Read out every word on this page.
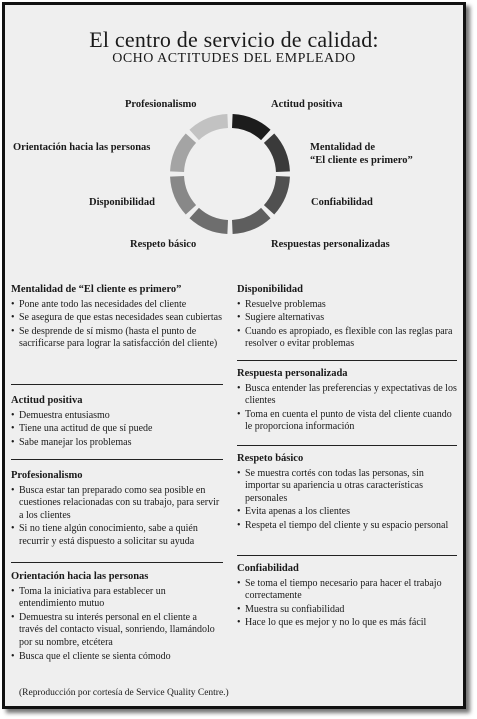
El centro de servicio de calidad:
OCHO ACTITUDES DEL EMPLEADO
Actitud positiva
Mentalidad de
“El cliente es primero”
Confiabilidad
Respuestas personalizadas
Respeto básico
Disponibilidad
Orientación hacia las personas
Profesionalismo
Mentalidad de “El cliente es primero”
• Pone ante todo las necesidades del cliente
• Se asegura de que estas necesidades sean cubiertas
• Se desprende de sí mismo (hasta el punto de sacrificarse para lograr la satisfacción del cliente)
Actitud positiva
• Demuestra entusiasmo
• Tiene una actitud de que sí puede
• Sabe manejar los problemas
Profesionalismo
• Busca estar tan preparado como sea posible en cuestiones relacionadas con su trabajo, para servir a los clientes
• Si no tiene algún conocimiento, sabe a quién recurrir y está dispuesto a solicitar su ayuda
Orientación hacia las personas
• Toma la iniciativa para establecer un entendimiento mutuo
• Demuestra su interés personal en el cliente a través del contacto visual, sonriendo, llamándolo por su nombre, etcétera
• Busca que el cliente se sienta cómodo
Disponibilidad
• Resuelve problemas
• Sugiere alternativas
• Cuando es apropiado, es flexible con las reglas para resolver o evitar problemas
Respuesta personalizada
• Busca entender las preferencias y expectativas de los clientes
• Toma en cuenta el punto de vista del cliente cuando le proporciona información
Respeto básico
• Se muestra cortés con todas las personas, sin importar su apariencia u otras características personales
• Evita apenas a los clientes
• Respeta el tiempo del cliente y su espacio personal
Confiabilidad
• Se toma el tiempo necesario para hacer el trabajo correctamente
• Muestra su confiabilidad
• Hace lo que es mejor y no lo que es más fácil
(Reproducción por cortesía de Service Quality Centre.)
